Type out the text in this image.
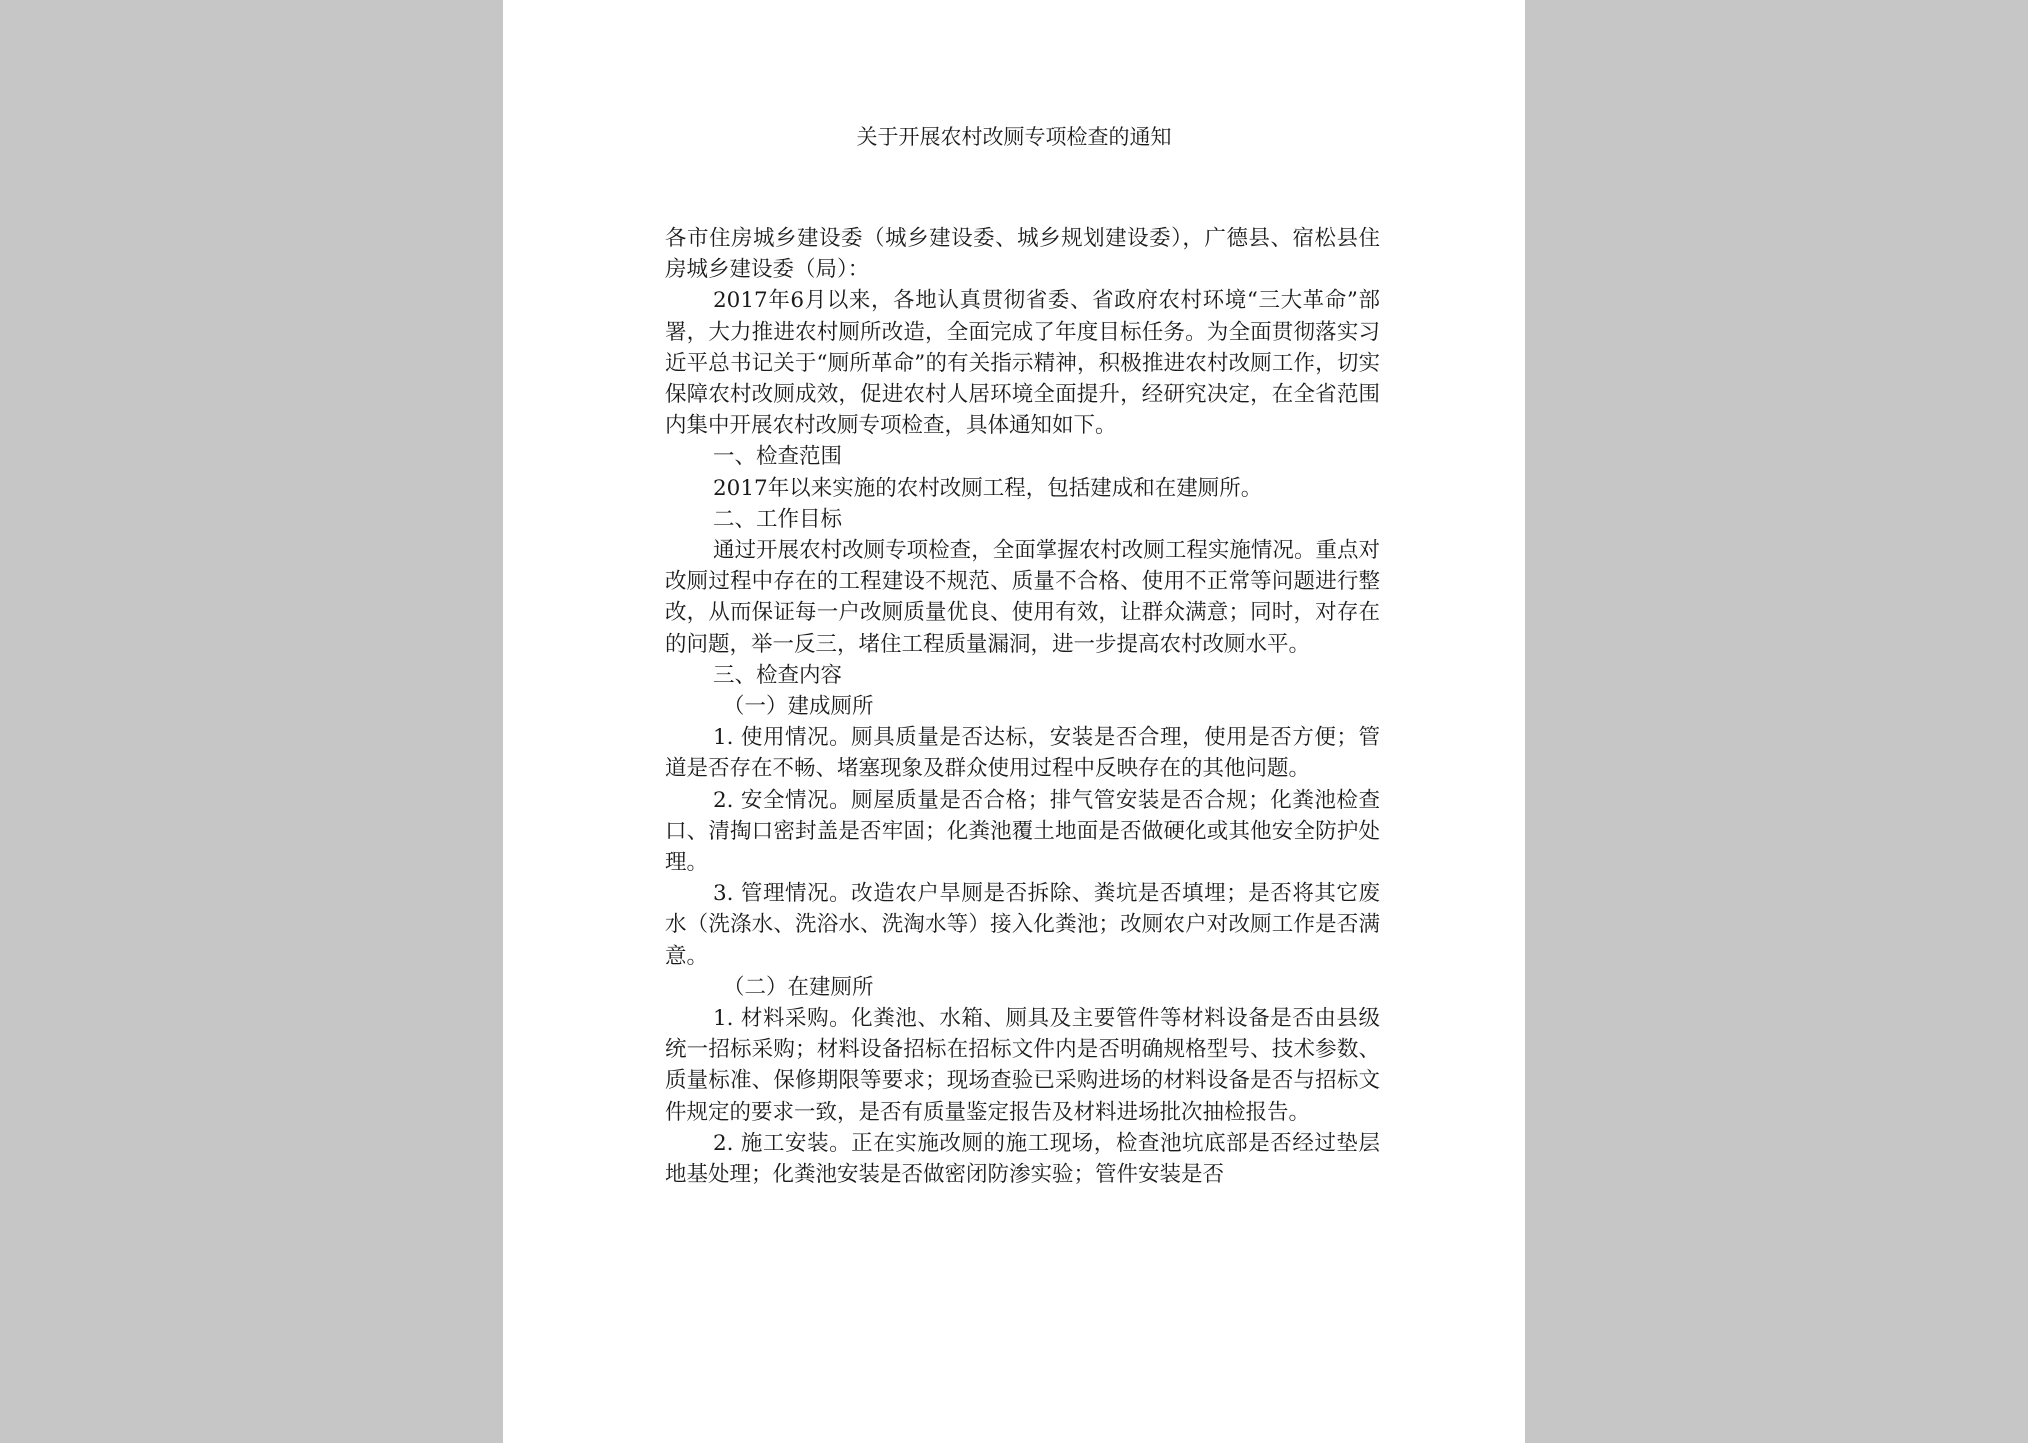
关于开展农村改厕专项检查的通知

各市住房城乡建设委（城乡建设委、城乡规划建设委），广德县、宿松县住房城乡建设委（局）：

2017年6月以来，各地认真贯彻省委、省政府农村环境“三大革命”部署，大力推进农村厕所改造，全面完成了年度目标任务。为全面贯彻落实习近平总书记关于“厕所革命”的有关指示精神，积极推进农村改厕工作，切实保障农村改厕成效，促进农村人居环境全面提升，经研究决定，在全省范围内集中开展农村改厕专项检查，具体通知如下。

一、检查范围

2017年以来实施的农村改厕工程，包括建成和在建厕所。

二、工作目标

通过开展农村改厕专项检查，全面掌握农村改厕工程实施情况。重点对改厕过程中存在的工程建设不规范、质量不合格、使用不正常等问题进行整改，从而保证每一户改厕质量优良、使用有效，让群众满意；同时，对存在的问题，举一反三，堵住工程质量漏洞，进一步提高农村改厕水平。

三、检查内容

（一）建成厕所

1. 使用情况。厕具质量是否达标，安装是否合理，使用是否方便；管道是否存在不畅、堵塞现象及群众使用过程中反映存在的其他问题。

2. 安全情况。厕屋质量是否合格；排气管安装是否合规；化粪池检查口、清掏口密封盖是否牢固；化粪池覆土地面是否做硬化或其他安全防护处理。

3. 管理情况。改造农户旱厕是否拆除、粪坑是否填埋；是否将其它废水（洗涤水、洗浴水、洗淘水等）接入化粪池；改厕农户对改厕工作是否满意。

（二）在建厕所

1. 材料采购。化粪池、水箱、厕具及主要管件等材料设备是否由县级统一招标采购；材料设备招标在招标文件内是否明确规格型号、技术参数、质量标准、保修期限等要求；现场查验已采购进场的材料设备是否与招标文件规定的要求一致，是否有质量鉴定报告及材料进场批次抽检报告。

2. 施工安装。正在实施改厕的施工现场，检查池坑底部是否经过垫层地基处理；化粪池安装是否做密闭防渗实验；管件安装是否
